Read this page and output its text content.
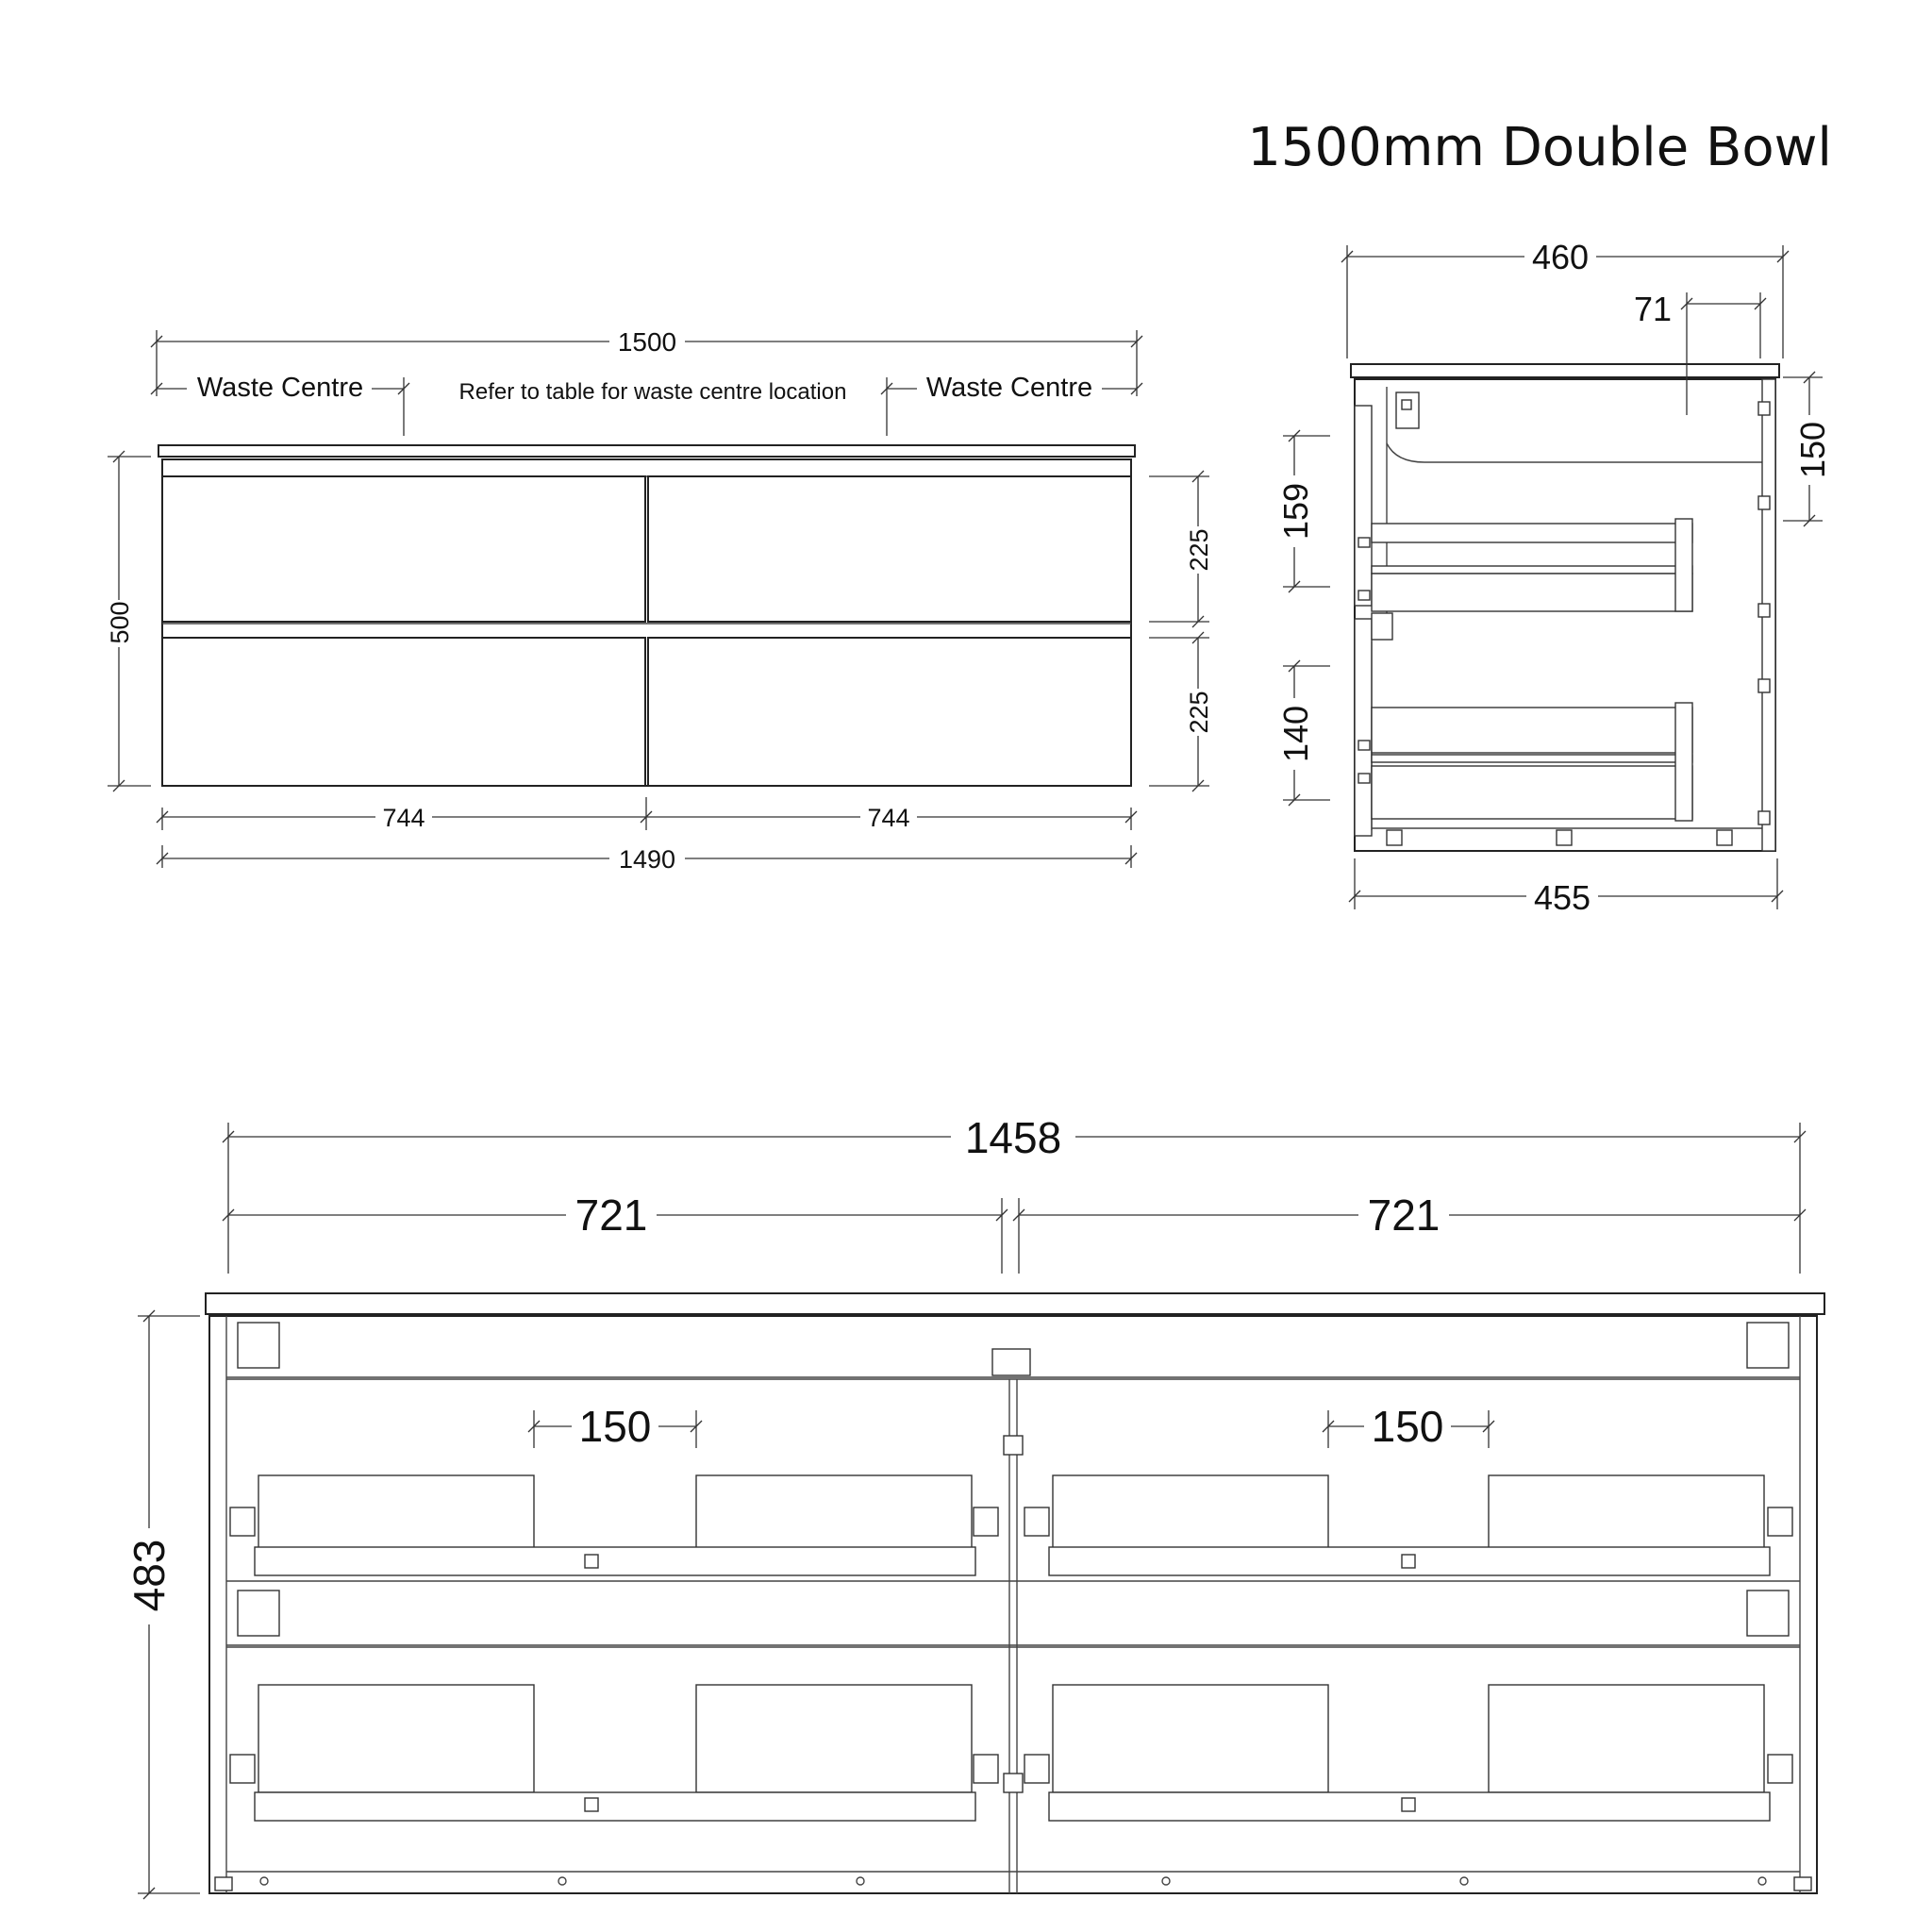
1500mm Double Bowl
1500
Waste Centre	Refer to table for waste centre location	Waste Centre
500
225
225
744	744
1490
460
71
150
159
140
455
1458
721	721
150	150
483
